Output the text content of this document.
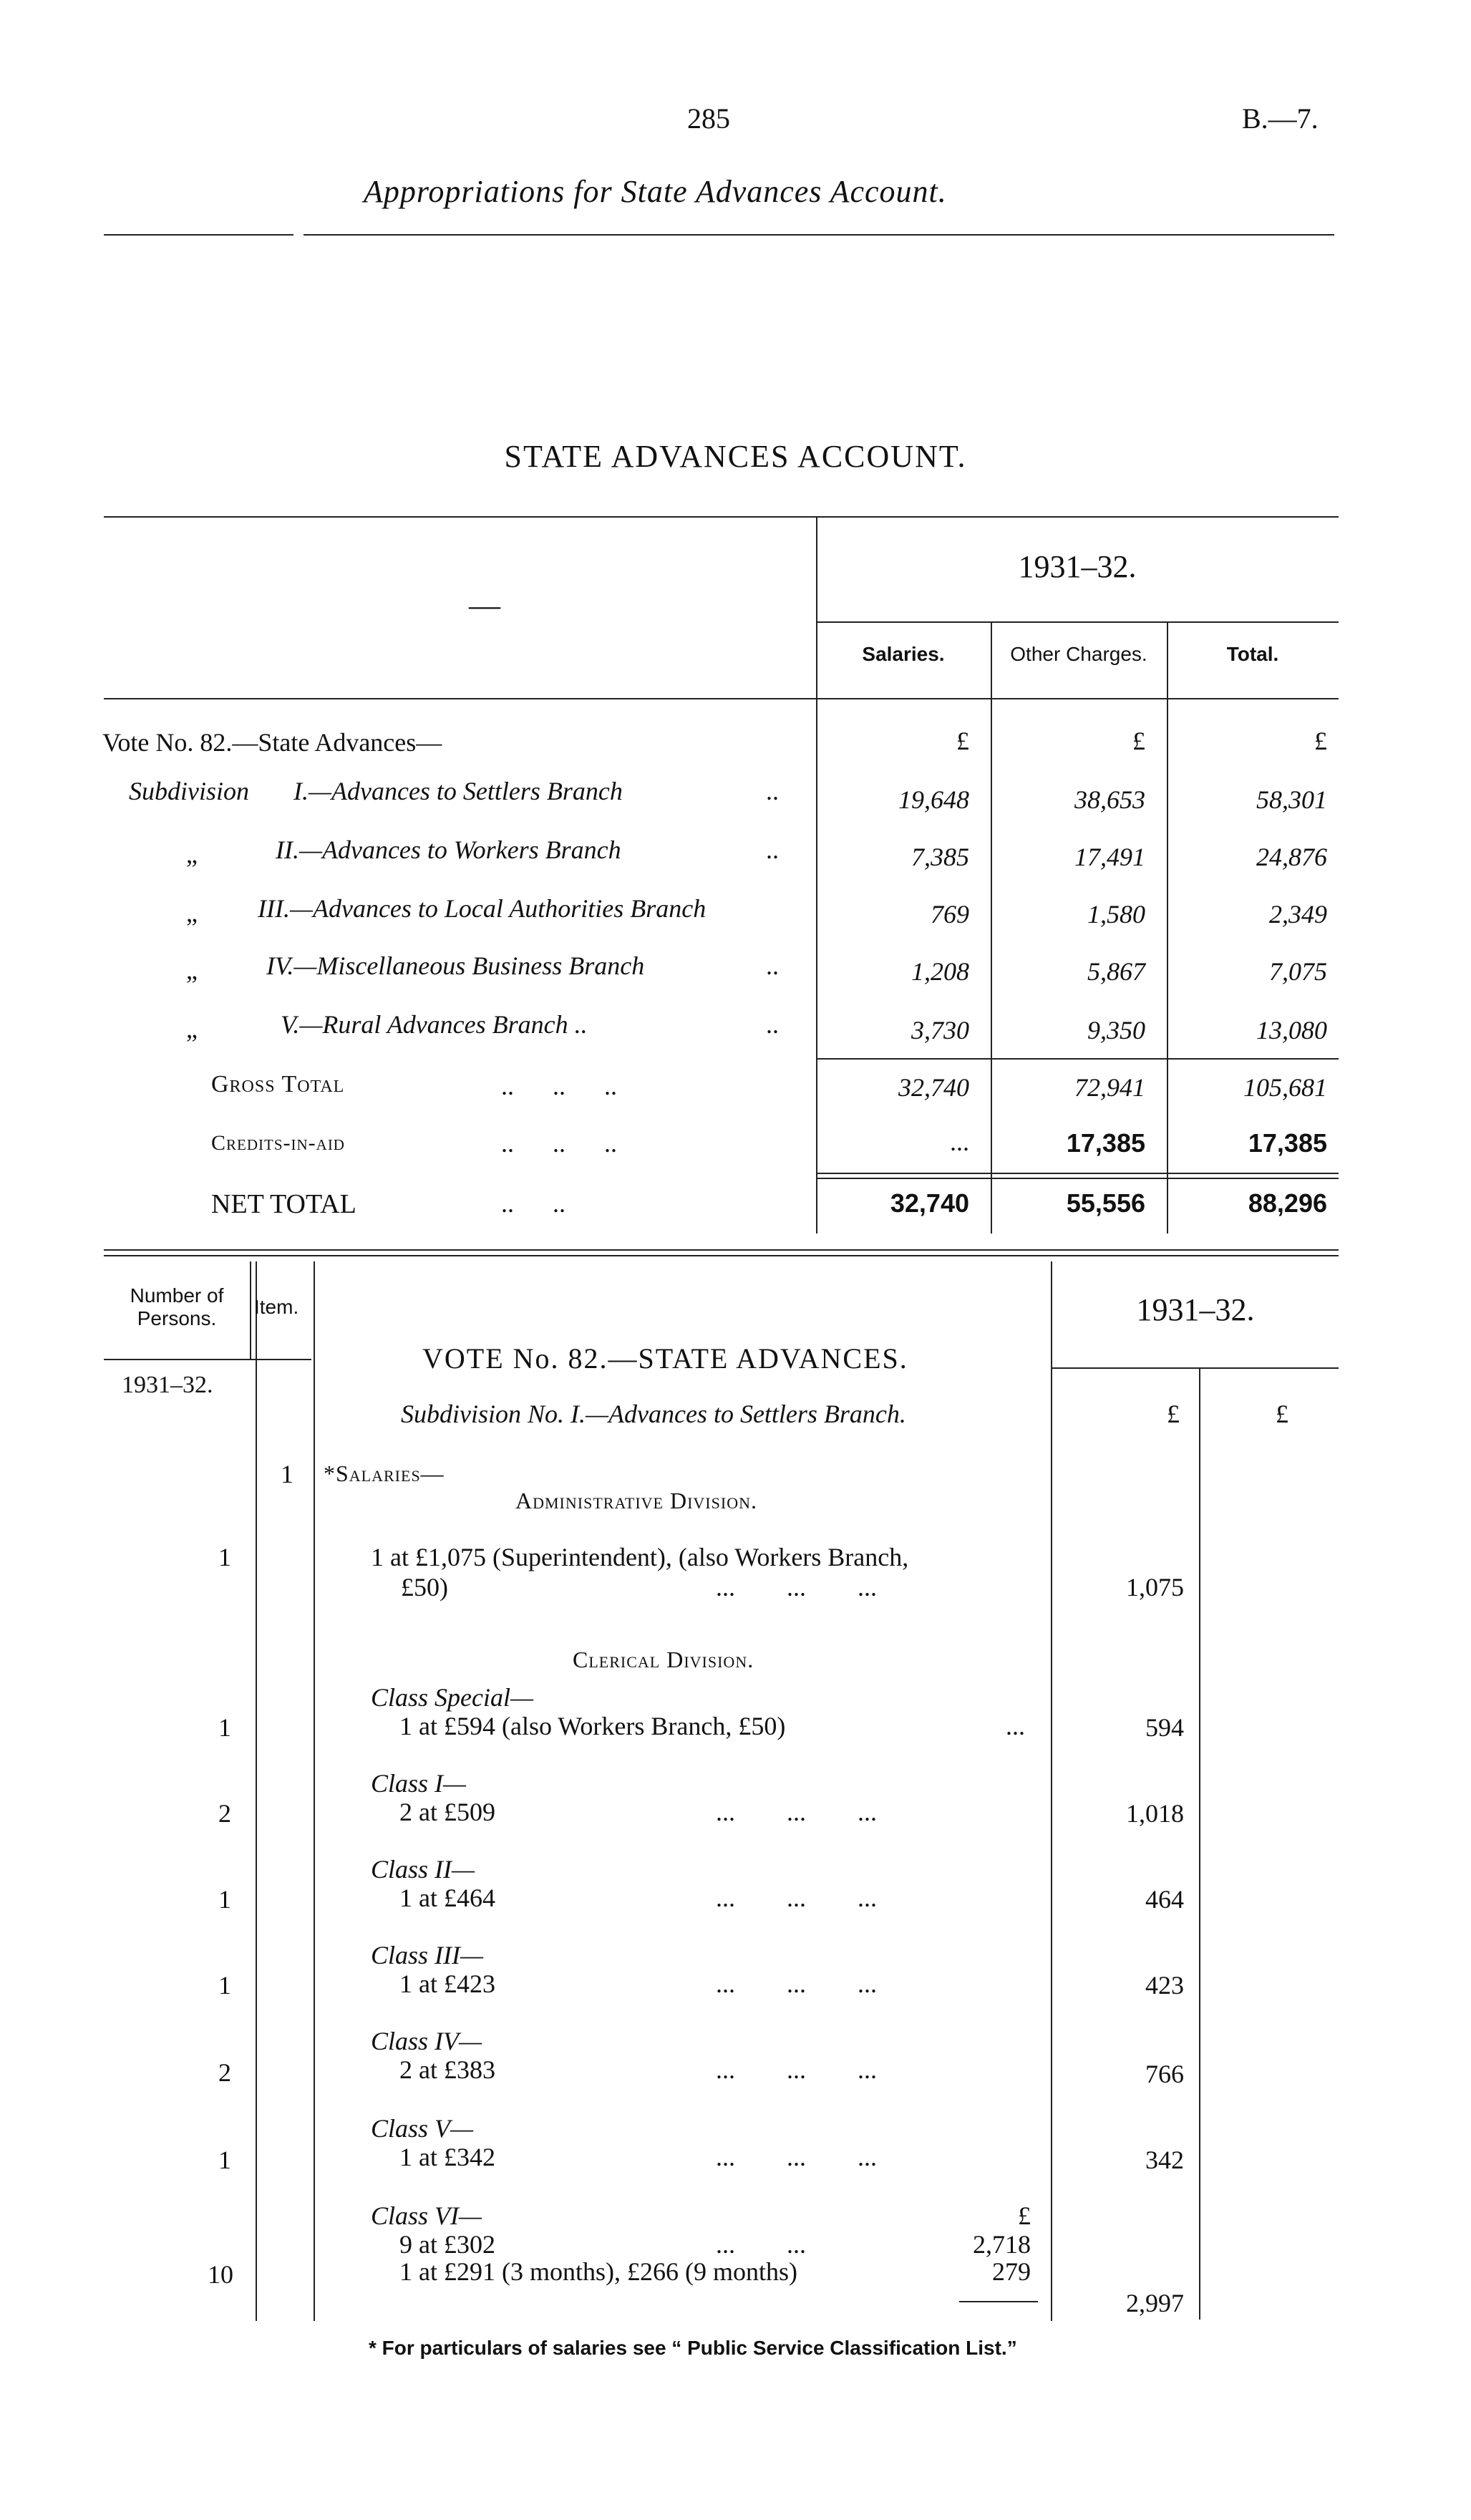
285	B.—7.
Appropriations for State Advances Account.
STATE ADVANCES ACCOUNT.
—
1931–32.
Salaries.	Other Charges.	Total.
Vote No. 82.—State Advances—	£	£	£
Subdivision I.—Advances to Settlers Branch	..	19,648	38,653	58,301
„	II.—Advances to Workers Branch	..	7,385	17,491	24,876
„ III.—Advances to Local Authorities Branch	769	1,580	2,349
„	IV.—Miscellaneous Business Branch	..	1,208	5,867	7,075
„	V.—Rural Advances Branch ..	..	3,730	9,350	13,080
Gross Total	..      ..      ..	32,740	72,941	105,681
Credits-in-aid	..      ..      ..	...	17,385	17,385
NET TOTAL	..      ..	32,740	55,556	88,296
Number of Persons.
Item.	1931–32.
1931–32.
VOTE No. 82.—STATE ADVANCES.
Subdivision No. I.—Advances to Settlers Branch.	£	£
1 *Salaries—
Administrative Division.
1	1 at £1,075 (Superintendent), (also Workers Branch,
£50)	...        ...        ...	1,075
Clerical Division.
Class Special—
1	1 at £594 (also Workers Branch, £50)	...	594
Class I—
2	2 at £509	...        ...        ...	1,018
Class II—
1	1 at £464	...        ...        ...	464
Class III—
1	1 at £423	...        ...        ...	423
Class IV—
2	2 at £383	...        ...        ...	766
Class V—
1	1 at £342	...        ...        ...	342
Class VI—	£
9 at £302	...        ...	2,718
10	1 at £291 (3 months), £266 (9 months)	279
2,997
* For particulars of salaries see “ Public Service Classification List.”
